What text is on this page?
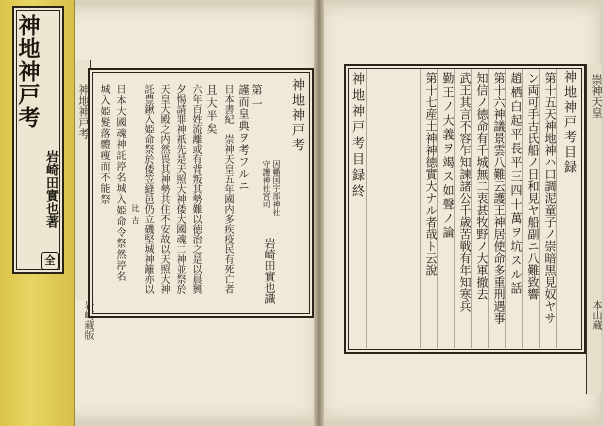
神地神戸考目録
第十五天神地神ハ口調泥童子ノ崇暗黒見奴ヤサ
ン両可手古氏船ノ日和見ヤ船副ニ八難致響
趙栖白起平長平三四十萬ヲ坑スル話
第十六神議景雲八難云護王神居使命多重刑遇事
知信ノ徳命有千城無二衷甚牧野ノ大軍撤去
武王其言不容乍知諫諸公千歳苦戦有年知寒兵
勤王ノ大義ヲ竭ス如聲ノ論
第十七産土神神徳實大ナル者哉ト云說
神地神戸考目録終	崇神天皇
本山蔵
神地神戸考
岩崎蔵版
神地神戸考
因幡国宇部神社
守護神社宮司
岩崎田實也識
第一
謹而皇典ヲ考フルニ
日本書紀　崇神天皇五年國内多疾疫民有死亡者
且大半矣
六年百姓流離或有背叛其勢難以徳治之是以晨興
夕惕請罪神祇先是天照大神倭大國魂二神並祭於
天皇大殿之内然畏其神勢共住不安故以天照大神
託豊鍬入姫命祭於倭笠縫邑仍立磯堅城神籬亦以
日本大國魂神託渟名城入姫命令祭然渟名
城入姫髮落體痩而不能祭
比
古
神地神戸考
岩崎田實也著
全
